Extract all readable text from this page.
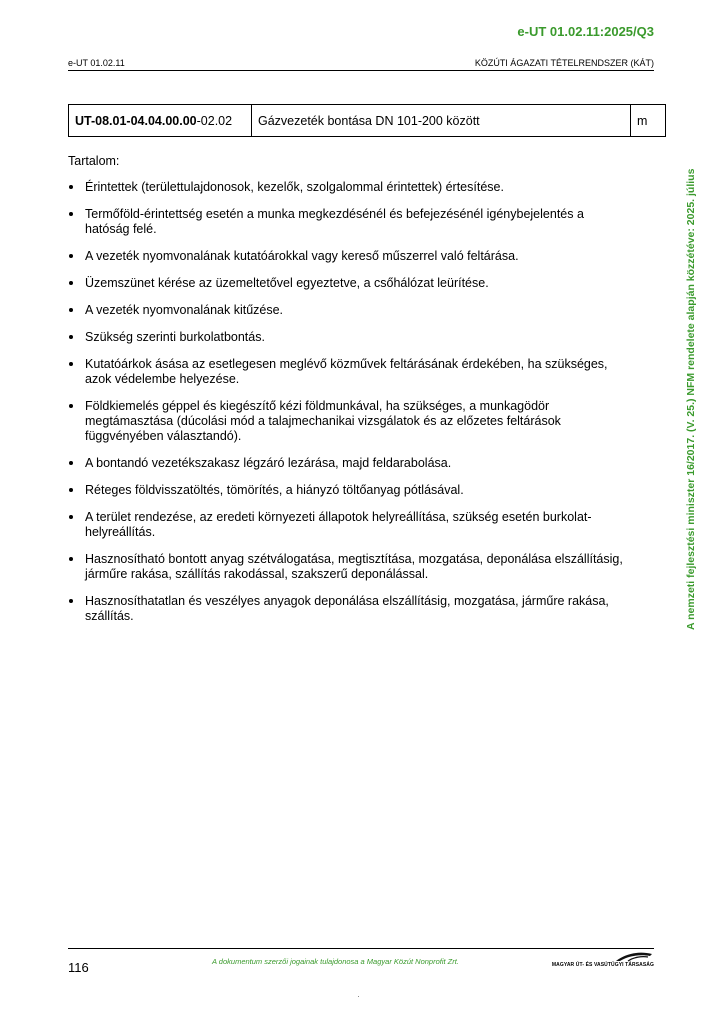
e-UT 01.02.11:2025/Q3
e-UT 01.02.11	KÖZÚTI ÁGAZATI TÉTELRENDSZER (KÁT)
UT-08.01-04.04.00.00-02.02	Gázvezeték bontása DN 101-200 között	m
Tartalom:
Érintettek (területtulajdonosok, kezelők, szolgalommal érintettek) értesítése.
Termőföld-érintettség esetén a munka megkezdésénél és befejezésénél igénybejelentés a hatóság felé.
A vezeték nyomvonalának kutatóárokkal vagy kereső műszerrel való feltárása.
Üzemszünet kérése az üzemeltetővel egyeztetve, a csőhálózat leürítése.
A vezeték nyomvonalának kitűzése.
Szükség szerinti burkolatbontás.
Kutatóárkok ásása az esetlegesen meglévő közművek feltárásának érdekében, ha szükséges, azok védelembe helyezése.
Földkiemelés géppel és kiegészítő kézi földmunkával, ha szükséges, a munkagödör megtámasztása (dúcolási mód a talajmechanikai vizsgálatok és az előzetes feltárások függvényében választandó).
A bontandó vezetékszakasz légzáró lezárása, majd feldarabolása.
Réteges földvisszatöltés, tömörítés, a hiányzó töltőanyag pótlásával.
A terület rendezése, az eredeti környezeti állapotok helyreállítása, szükség esetén burkolat-helyreállítás.
Hasznosítható bontott anyag szétválogatása, megtisztítása, mozgatása, deponálása elszállításig, járműre rakása, szállítás rakodással, szakszerű deponálással.
Hasznosíthatatlan és veszélyes anyagok deponálása elszállításig, mozgatása, járműre rakása, szállítás.	A nemzeti fejlesztési miniszter 16/2017. (V. 25.) NFM rendelete alapján közzétéve: 2025. július
116	A dokumentum szerzői jogainak tulajdonosa a Magyar Közút Nonprofit Zrt.	MAGYAR ÚT- ÉS VASÚTÜGYI TÁRSASÁG
